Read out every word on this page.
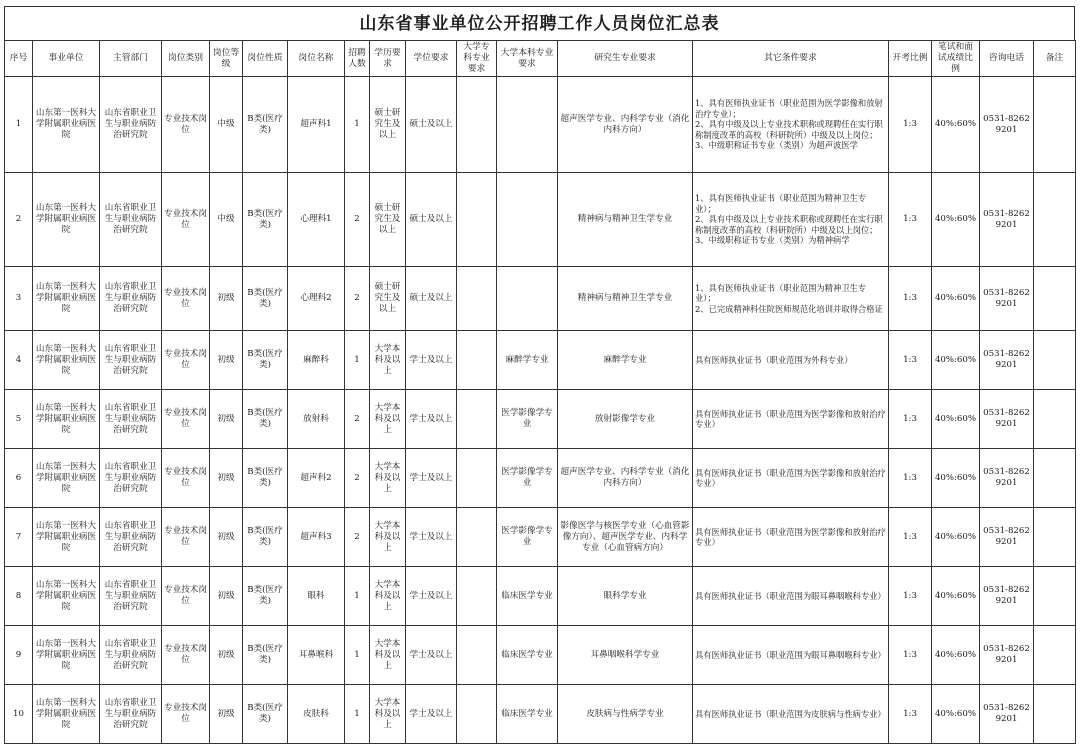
山东省事业单位公开招聘工作人员岗位汇总表
序号	事业单位	主管部门	岗位类别	岗位等级	岗位性质	岗位名称	招聘人数	学历要求	学位要求	大学专科专业要求	大学本科专业要求	研究生专业要求	其它条件要求	开考比例	笔试和面试成绩比例	咨询电话	备注
1	山东第一医科大学附属职业病医院	山东省职业卫生与职业病防治研究院	专业技术岗位	中级	B类(医疗类)	超声科1	1	硕士研究生及以上	硕士及以上			超声医学专业、内科学专业（消化内科方向）	1、具有医师执业证书（职业范围为医学影像和放射治疗专业）；
2、具有中级及以上专业技术职称或现聘任在实行职称制度改革的高校（科研院所）中级及以上岗位；
3、中级职称证书专业（类别）为超声波医学	1:3	40%:60%	0531-82629201	
2	山东第一医科大学附属职业病医院	山东省职业卫生与职业病防治研究院	专业技术岗位	中级	B类(医疗类)	心理科1	2	硕士研究生及以上	硕士及以上			精神病与精神卫生学专业	1、具有医师执业证书（职业范围为精神卫生专业）；
2、具有中级及以上专业技术职称或现聘任在实行职称制度改革的高校（科研院所）中级及以上岗位；
3、中级职称证书专业（类别）为精神病学	1:3	40%:60%	0531-82629201	
3	山东第一医科大学附属职业病医院	山东省职业卫生与职业病防治研究院	专业技术岗位	初级	B类(医疗类)	心理科2	2	硕士研究生及以上	硕士及以上			精神病与精神卫生学专业	1、具有医师执业证书（职业范围为精神卫生专业）；
2、已完成精神科住院医师规范化培训并取得合格证	1:3	40%:60%	0531-82629201	
4	山东第一医科大学附属职业病医院	山东省职业卫生与职业病防治研究院	专业技术岗位	初级	B类(医疗类)	麻醉科	1	大学本科及以上	学士及以上		麻醉学专业	麻醉学专业	具有医师执业证书（职业范围为外科专业）	1:3	40%:60%	0531-82629201	
5	山东第一医科大学附属职业病医院	山东省职业卫生与职业病防治研究院	专业技术岗位	初级	B类(医疗类)	放射科	2	大学本科及以上	学士及以上		医学影像学专业	放射影像学专业	具有医师执业证书（职业范围为医学影像和放射治疗专业）	1:3	40%:60%	0531-82629201	
6	山东第一医科大学附属职业病医院	山东省职业卫生与职业病防治研究院	专业技术岗位	初级	B类(医疗类)	超声科2	2	大学本科及以上	学士及以上		医学影像学专业	超声医学专业、内科学专业（消化内科方向）	具有医师执业证书（职业范围为医学影像和放射治疗专业）	1:3	40%:60%	0531-82629201	
7	山东第一医科大学附属职业病医院	山东省职业卫生与职业病防治研究院	专业技术岗位	初级	B类(医疗类)	超声科3	2	大学本科及以上	学士及以上		医学影像学专业	影像医学与核医学专业（心血管影像方向）、超声医学专业、内科学专业（心血管病方向）	具有医师执业证书（职业范围为医学影像和放射治疗专业）	1:3	40%:60%	0531-82629201	
8	山东第一医科大学附属职业病医院	山东省职业卫生与职业病防治研究院	专业技术岗位	初级	B类(医疗类)	眼科	1	大学本科及以上	学士及以上		临床医学专业	眼科学专业	具有医师执业证书（职业范围为眼耳鼻咽喉科专业）	1:3	40%:60%	0531-82629201	
9	山东第一医科大学附属职业病医院	山东省职业卫生与职业病防治研究院	专业技术岗位	初级	B类(医疗类)	耳鼻喉科	1	大学本科及以上	学士及以上		临床医学专业	耳鼻咽喉科学专业	具有医师执业证书（职业范围为眼耳鼻咽喉科专业）	1:3	40%:60%	0531-82629201	
10	山东第一医科大学附属职业病医院	山东省职业卫生与职业病防治研究院	专业技术岗位	初级	B类(医疗类)	皮肤科	1	大学本科及以上	学士及以上		临床医学专业	皮肤病与性病学专业	具有医师执业证书（职业范围为皮肤病与性病专业）	1:3	40%:60%	0531-82629201	
